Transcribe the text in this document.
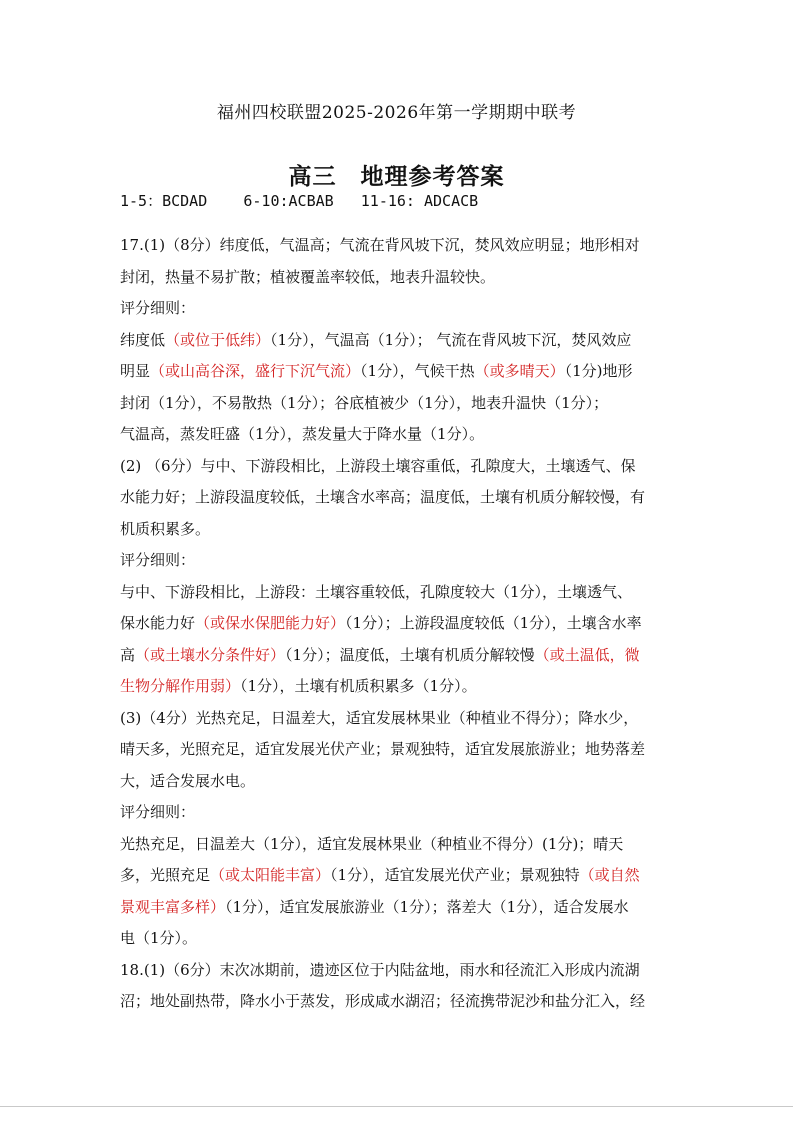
福州四校联盟2025-2026年第一学期期中联考
高三　地理参考答案
1-5：BCDAD    6-10:ACBAB   11-16: ADCACB

17.(1)（8分）纬度低，气温高；气流在背风坡下沉，焚风效应明显；地形相对

封闭，热量不易扩散；植被覆盖率较低，地表升温较快。

评分细则：

纬度低（或位于低纬）（1分），气温高（1分）； 气流在背风坡下沉，焚风效应

明显（或山高谷深，盛行下沉气流）（1分），气候干热（或多晴天）（1分)地形

封闭（1分），不易散热（1分）；谷底植被少（1分），地表升温快（1分）；

气温高，蒸发旺盛（1分），蒸发量大于降水量（1分）。

(2) （6分）与中、下游段相比，上游段土壤容重低，孔隙度大，土壤透气、保

水能力好；上游段温度较低，土壤含水率高；温度低，土壤有机质分解较慢，有

机质积累多。

评分细则：

与中、下游段相比，上游段：土壤容重较低，孔隙度较大（1分），土壤透气、

保水能力好（或保水保肥能力好）（1分）；上游段温度较低（1分），土壤含水率

高（或土壤水分条件好）（1分）；温度低，土壤有机质分解较慢（或土温低，微

生物分解作用弱）（1分），土壤有机质积累多（1分）。

(3)（4分）光热充足，日温差大，适宜发展林果业（种植业不得分）；降水少，

晴天多，光照充足，适宜发展光伏产业；景观独特，适宜发展旅游业；地势落差

大，适合发展水电。

评分细则：

光热充足，日温差大（1分），适宜发展林果业（种植业不得分）(1分)；晴天

多，光照充足（或太阳能丰富）（1分），适宜发展光伏产业；景观独特（或自然

景观丰富多样）（1分），适宜发展旅游业（1分）；落差大（1分），适合发展水

电（1分）。

18.(1)（6分）末次冰期前，遗迹区位于内陆盆地，雨水和径流汇入形成内流湖

沼；地处副热带，降水小于蒸发，形成咸水湖沼；径流携带泥沙和盐分汇入，经
